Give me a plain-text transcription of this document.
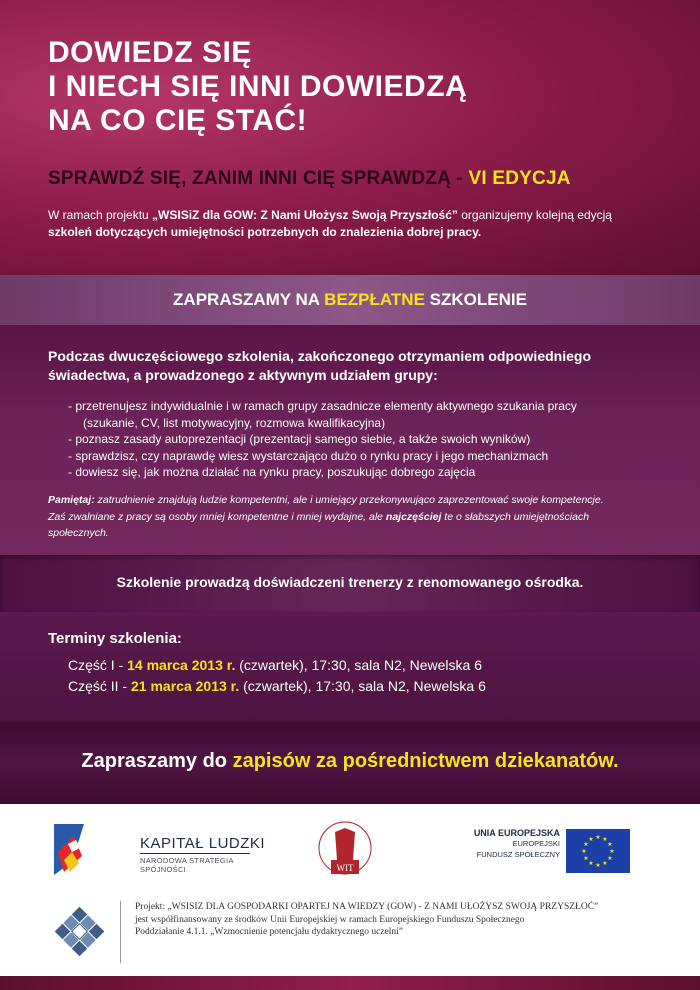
DOWIEDZ SIĘ
I NIECH SIĘ INNI DOWIEDZĄ
NA CO CIĘ STAĆ!

SPRAWDŹ SIĘ, ZANIM INNI CIĘ SPRAWDZĄ - VI EDYCJA

W ramach projektu „WSISiZ dla GOW: Z Nami Ułożysz Swoją Przyszłość” organizujemy kolejną edycją szkoleń dotyczących umiejętności potrzebnych do znalezienia dobrej pracy.

ZAPRASZAMY NA BEZPŁATNE SZKOLENIE

Podczas dwuczęściowego szkolenia, zakończonego otrzymaniem odpowiedniego świadectwa, a prowadzonego z aktywnym udziałem grupy:

- przetrenujesz indywidualnie i w ramach grupy zasadnicze elementy aktywnego szukania pracy
(szukanie, CV, list motywacyjny, rozmowa kwalifikacyjna)
- poznasz zasady autoprezentacji (prezentacji samego siebie, a także swoich wyników)
- sprawdzisz, czy naprawdę wiesz wystarczająco dużo o rynku pracy i jego mechanizmach
- dowiesz się, jak można działać na rynku pracy, poszukując dobrego zajęcia

Pamiętaj: zatrudnienie znajdują ludzie kompetentni, ale i umiejący przekonywująco zaprezentować swoje kompetencje. Zaś zwalniane z pracy są osoby mniej kompetentne i mniej wydajne, ale najczęściej te o słabszych umiejętnościach społecznych.

Szkolenie prowadzą doświadczeni trenerzy z renomowanego ośrodka.

Terminy szkolenia:

Część I - 14 marca 2013 r. (czwartek), 17:30, sala N2, Newelska 6

Część II - 21 marca 2013 r. (czwartek), 17:30, sala N2, Newelska 6

Zapraszamy do zapisów za pośrednictwem dziekanatów.

KAPITAŁ LUDZKI

NARODOWA STRATEGIA SPÓJNOŚCI	WIT

UNIA EUROPEJSKA

EUROPEJSKI

FUNDUSZ SPOŁECZNY

★ ★
★
★
★
★
★
★
★
★
★
★

Projekt: „WSISIZ DLA GOSPODARKI OPARTEJ NA WIEDZY (GOW) - Z NAMI UŁOŻYSZ SWOJĄ PRZYSZŁOĆ”

jest współfinansowany ze środków Unii Europejskiej w ramach Europejskiego Funduszu Społecznego

Poddziałanie 4.1.1. „Wzmocnienie potencjału dydaktycznego uczelni”
